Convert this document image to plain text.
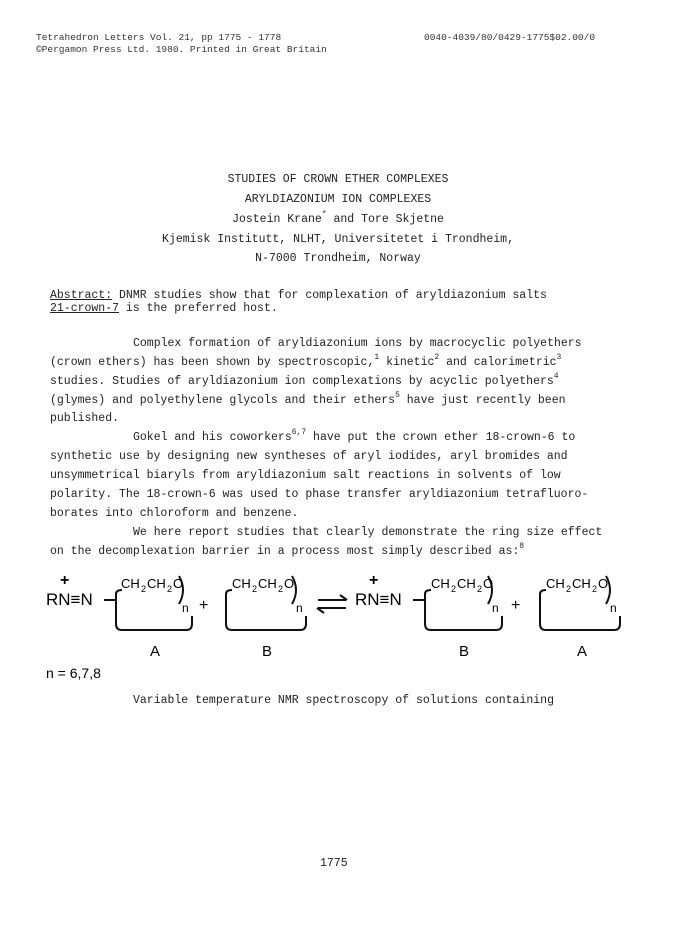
Tetrahedron Letters Vol. 21, pp 1775 - 1778	0040-4039/80/0429-1775$02.00/0
©Pergamon Press Ltd. 1980. Printed in Great Britain
STUDIES OF CROWN ETHER COMPLEXES
ARYLDIAZONIUM ION COMPLEXES
Jostein Krane* and Tore Skjetne
Kjemisk Institutt, NLHT, Universitetet i Trondheim,
N-7000 Trondheim, Norway
Abstract: DNMR studies show that for complexation of aryldiazonium salts
21-crown-7 is the preferred host.
Complex formation of aryldiazonium ions by macrocyclic polyethers
(crown ethers) has been shown by spectroscopic,$^1$ kinetic$^2$ and calorimetric$^3$
studies. Studies of aryldiazonium ion complexations by acyclic polyethers$^4$
(glymes) and polyethylene glycols and their ethers$^5$ have just recently been
published.
Gokel and his coworkers$^{6,7}$ have put the crown ether 18-crown-6 to
synthetic use by designing new syntheses of aryl iodides, aryl bromides and
unsymmetrical biaryls from aryldiazonium salt reactions in solvents of low
polarity. The 18-crown-6 was used to phase transfer aryldiazonium tetrafluoro-
borates into chloroform and benzene.
We here report studies that clearly demonstrate the ring size effect
on the decomplexation barrier in a process most simply described as:$^8$
+
RN≡N
CH 2 CH 2 O
n +
CH 2 CH 2 O
n
+
RN≡N
CH 2 CH 2 O
n +
CH 2 CH 2 O
n
A	B	B	A
n = 6,7,8
Variable temperature NMR spectroscopy of solutions containing
1775
